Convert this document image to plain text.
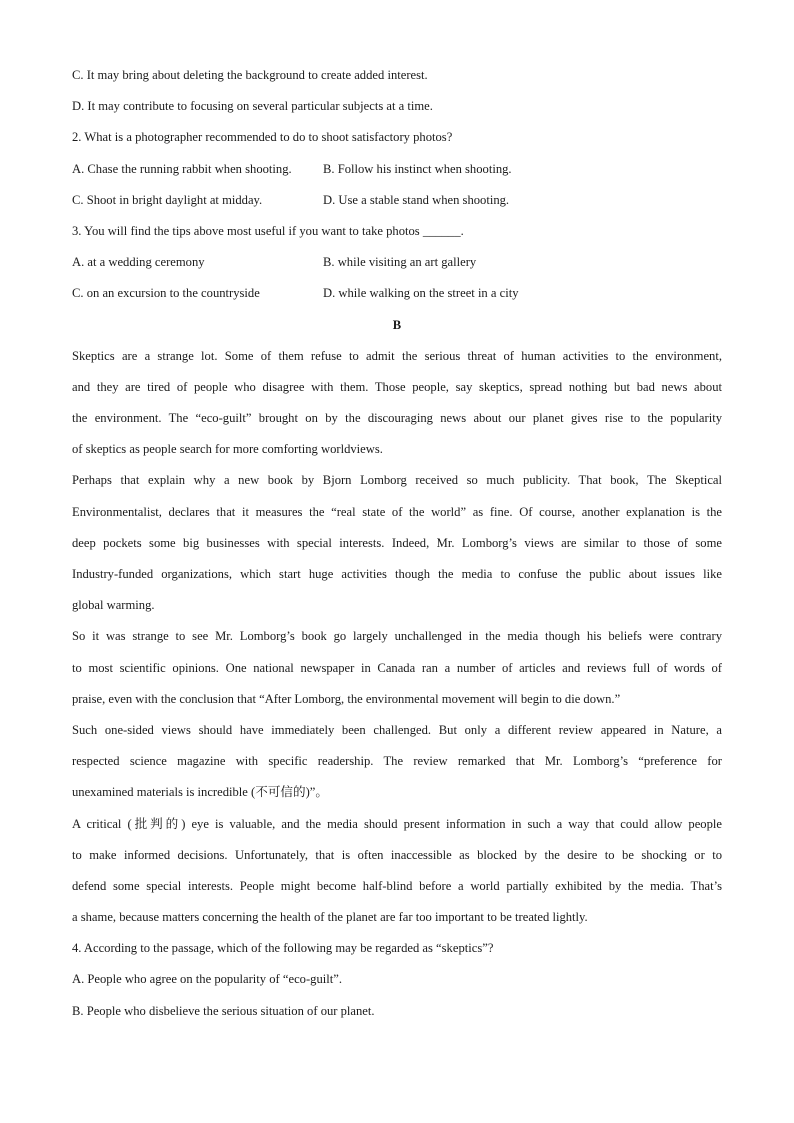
C. It may bring about deleting the background to create added interest.
D. It may contribute to focusing on several particular subjects at a time.
2. What is a photographer recommended to do to shoot satisfactory photos?
A. Chase the running rabbit when shooting. B. Follow his instinct when shooting.
C. Shoot in bright daylight at midday.	D. Use a stable stand when shooting.
3. You will find the tips above most useful if you want to take photos ______.
A. at a wedding ceremony	B. while visiting an art gallery
C. on an excursion to the countryside	D. while walking on the street in a city
B
Skeptics are a strange lot. Some of them refuse to admit the serious threat of human activities to the environment,
and they are tired of people who disagree with them. Those people, say skeptics, spread nothing but bad news about
the environment. The “eco-guilt” brought on by the discouraging news about our planet gives rise to the popularity
of skeptics as people search for more comforting worldviews.
Perhaps that explain why a new book by Bjorn Lomborg received so much publicity. That book, The Skeptical
Environmentalist, declares that it measures the “real state of the world” as fine. Of course, another explanation is the
deep pockets some big businesses with special interests. Indeed, Mr. Lomborg’s views are similar to those of some
Industry-funded organizations, which start huge activities though the media to confuse the public about issues like
global warming.
So it was strange to see Mr. Lomborg’s book go largely unchallenged in the media though his beliefs were contrary
to most scientific opinions. One national newspaper in Canada ran a number of articles and reviews full of words of
praise, even with the conclusion that “After Lomborg, the environmental movement will begin to die down.”
Such one-sided views should have immediately been challenged. But only a different review appeared in Nature, a
respected science magazine with specific readership. The review remarked that Mr. Lomborg’s “preference for
unexamined materials is incredible (不可信的)”。
A critical (批判的) eye is valuable, and the media should present information in such a way that could allow people
to make informed decisions. Unfortunately, that is often inaccessible as blocked by the desire to be shocking or to
defend some special interests. People might become half-blind before a world partially exhibited by the media. That’s
a shame, because matters concerning the health of the planet are far too important to be treated lightly.
4. According to the passage, which of the following may be regarded as “skeptics”?
A. People who agree on the popularity of “eco-guilt”.
B. People who disbelieve the serious situation of our planet.
